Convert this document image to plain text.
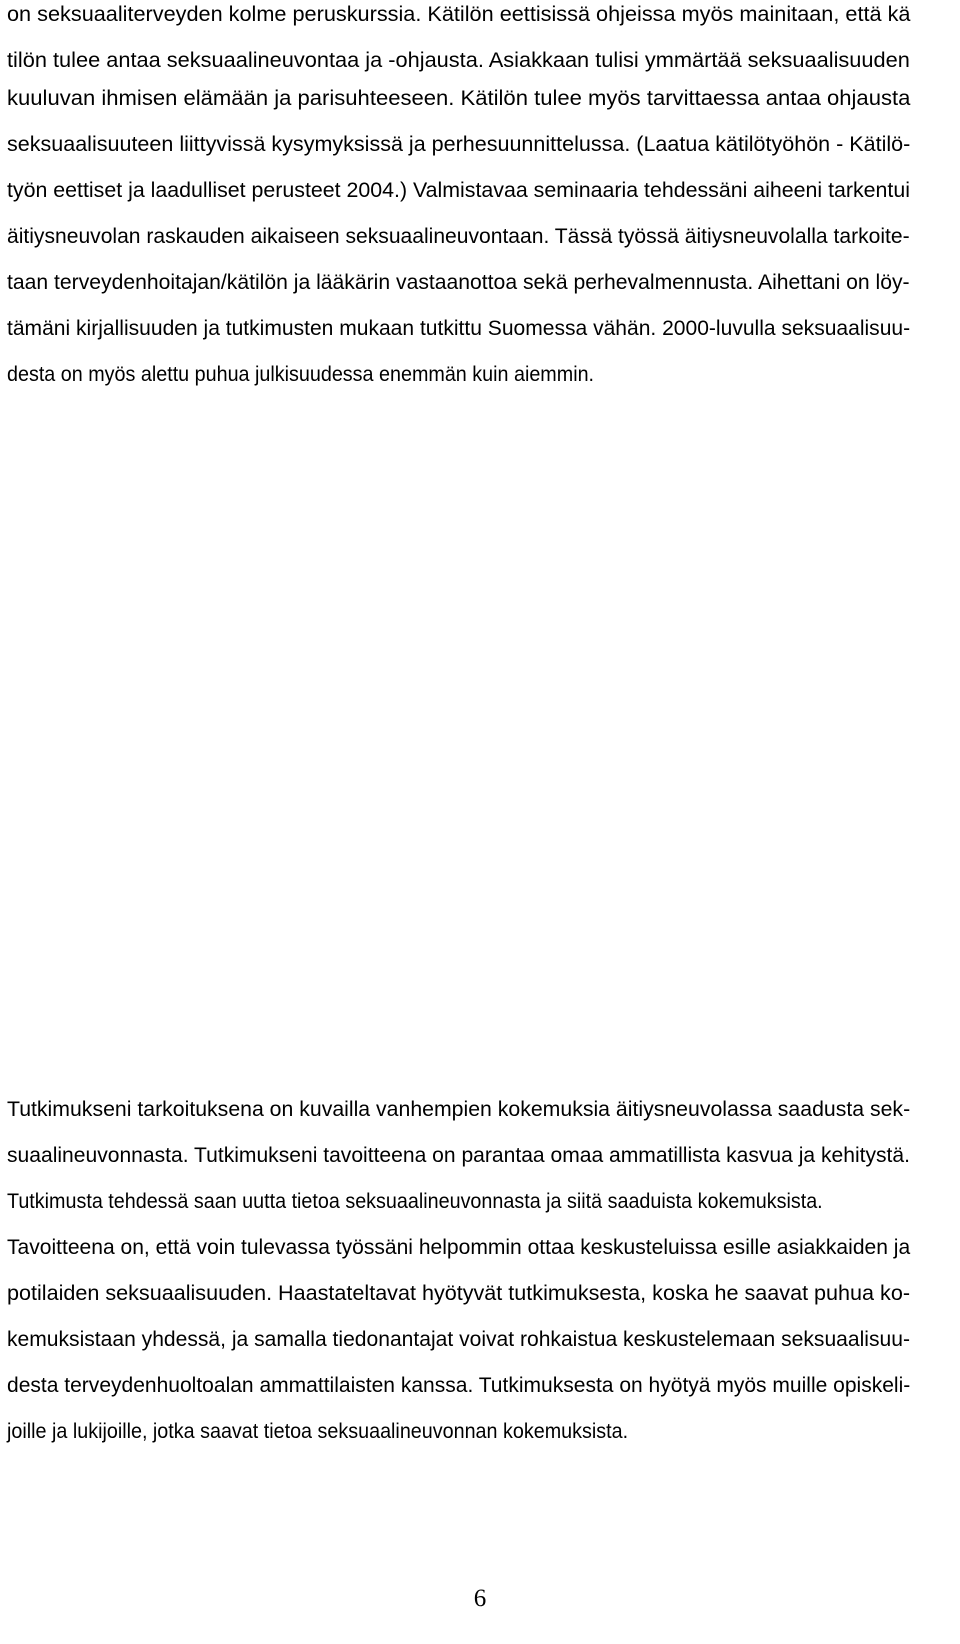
on seksuaaliterveyden kolme peruskurssia. Kätilön eettisissä ohjeissa myös mainitaan, että kä
tilön tulee antaa seksuaalineuvontaa ja -ohjausta. Asiakkaan tulisi ymmärtää seksuaalisuuden
kuuluvan ihmisen elämään ja parisuhteeseen. Kätilön tulee myös tarvittaessa antaa ohjausta
seksuaalisuuteen liittyvissä kysymyksissä ja perhesuunnittelussa. (Laatua kätilötyöhön - Kätilö-
työn eettiset ja laadulliset perusteet 2004.) Valmistavaa seminaaria tehdessäni aiheeni tarkentui
äitiysneuvolan raskauden aikaiseen seksuaalineuvontaan. Tässä työssä äitiysneuvolalla tarkoite-
taan terveydenhoitajan/kätilön ja lääkärin vastaanottoa sekä perhevalmennusta. Aihettani on löy-
tämäni kirjallisuuden ja tutkimusten mukaan tutkittu Suomessa vähän. 2000-luvulla seksuaalisuu-
desta on myös alettu puhua julkisuudessa enemmän kuin aiemmin.
Tutkimukseni tarkoituksena on kuvailla vanhempien kokemuksia äitiysneuvolassa saadusta sek-
suaalineuvonnasta. Tutkimukseni tavoitteena on parantaa omaa ammatillista kasvua ja kehitystä.
Tutkimusta tehdessä saan uutta tietoa seksuaalineuvonnasta ja siitä saaduista kokemuksista.
Tavoitteena on, että voin tulevassa työssäni helpommin ottaa keskusteluissa esille asiakkaiden ja
potilaiden seksuaalisuuden. Haastateltavat hyötyvät tutkimuksesta, koska he saavat puhua ko-
kemuksistaan yhdessä, ja samalla tiedonantajat voivat rohkaistua keskustelemaan seksuaalisuu-
desta terveydenhuoltoalan ammattilaisten kanssa. Tutkimuksesta on hyötyä myös muille opiskeli-
joille ja lukijoille, jotka saavat tietoa seksuaalineuvonnan kokemuksista.
6
